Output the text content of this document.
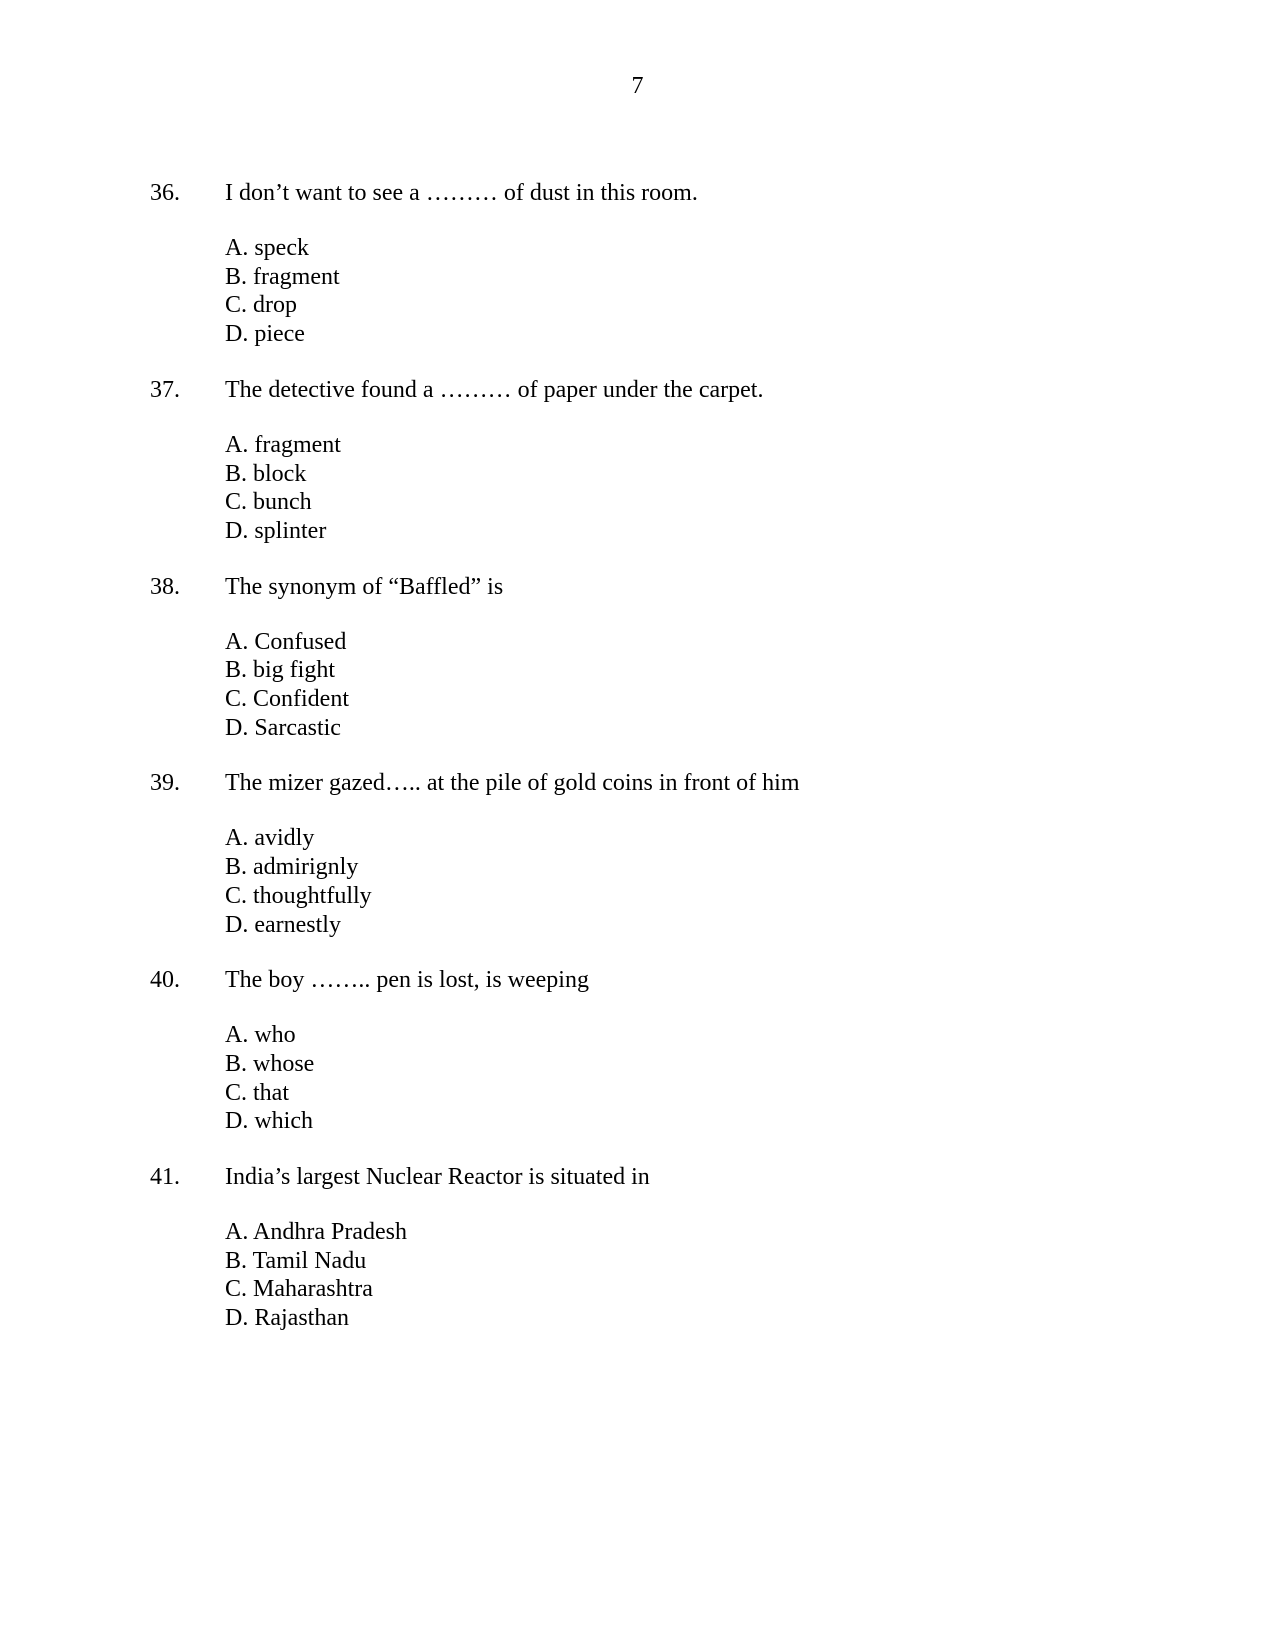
7
36.	I don’t want to see a ……… of dust in this room.
A. speck
B. fragment
C. drop
D. piece
37.	The detective found a ……… of paper under the carpet.
A. fragment
B. block
C. bunch
D. splinter
38.	The synonym of “Baffled” is
A. Confused
B. big fight
C. Confident
D. Sarcastic
39.	The mizer gazed….. at the pile of gold coins in front of him
A. avidly
B. admirignly
C. thoughtfully
D. earnestly
40.	The boy …….. pen is lost, is weeping
A. who
B. whose
C. that
D. which
41.	India’s largest Nuclear Reactor is situated in
A. Andhra Pradesh
B. Tamil Nadu
C. Maharashtra
D. Rajasthan
